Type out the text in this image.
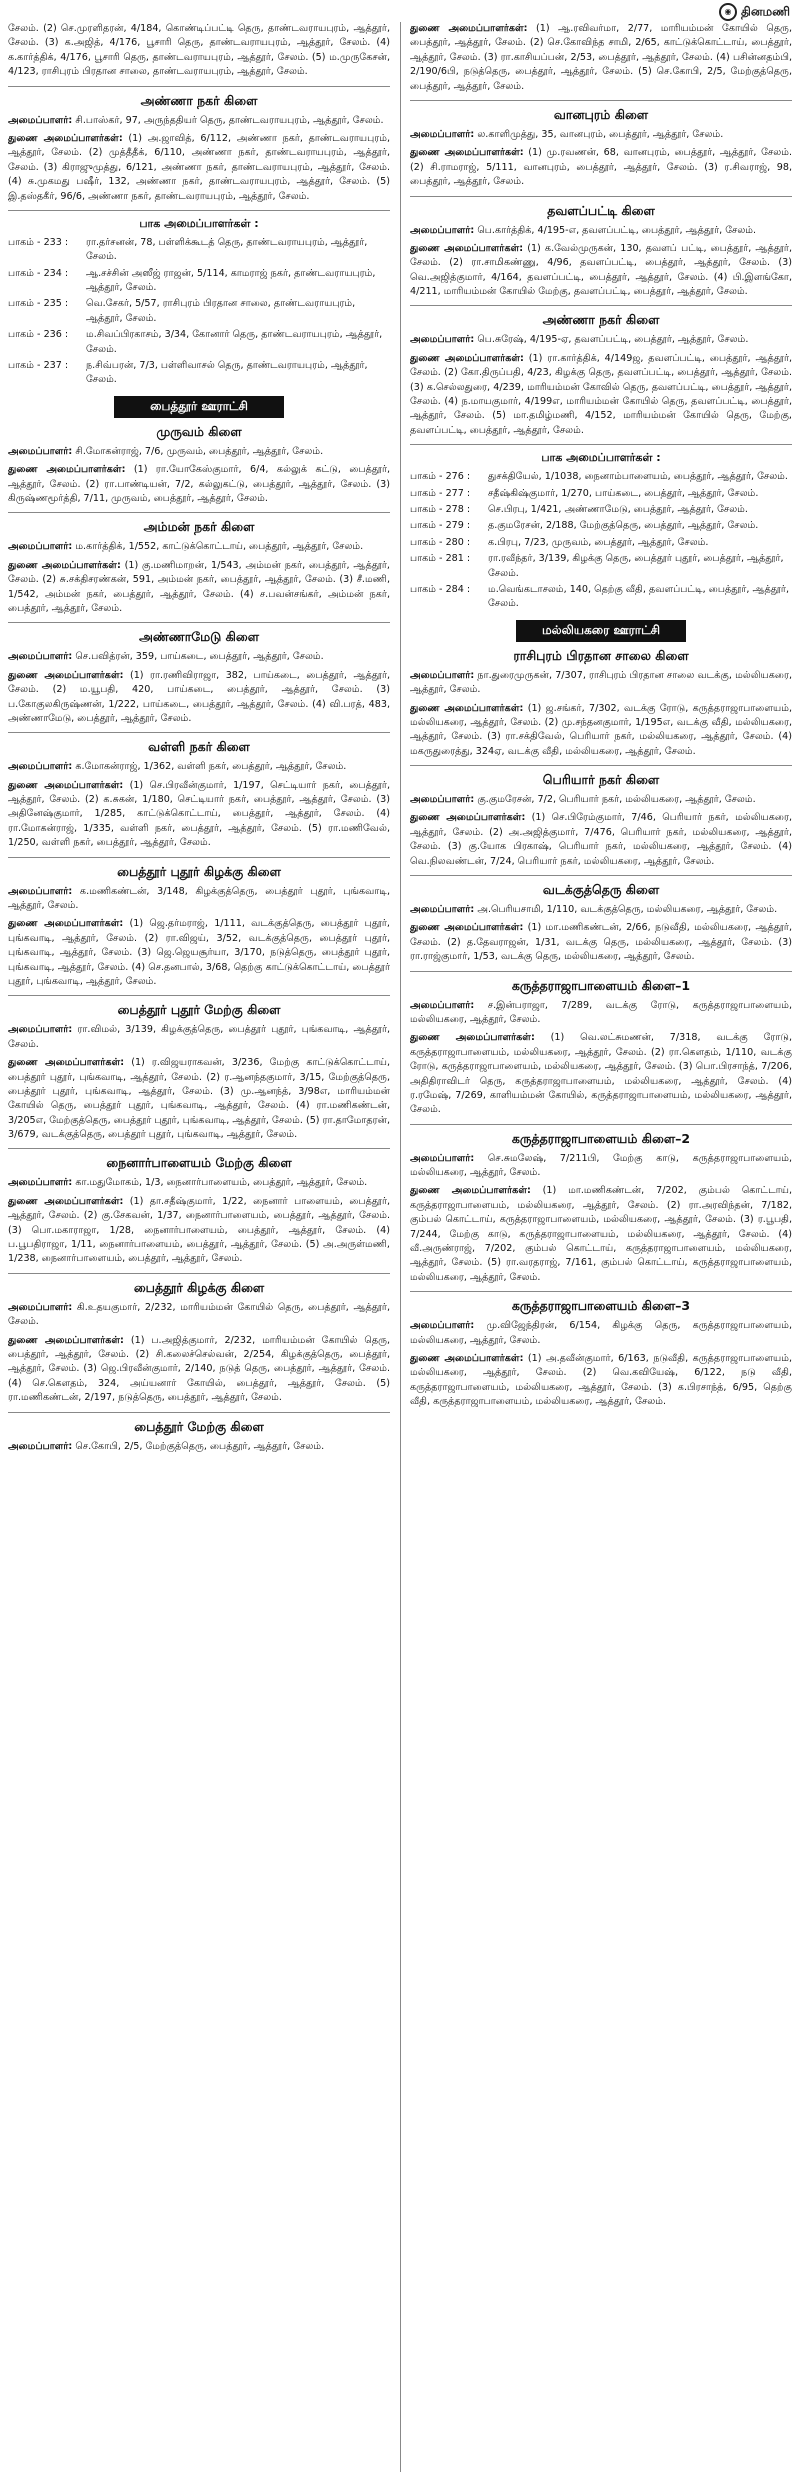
◉ தினமணி

சேலம். (2) செ.முரளிதரன், 4/184, கொண்டிப்பட்டி தெரு, தாண்டவராயபுரம், ஆத்தூர், சேலம். (3) க.அஜித், 4/176, பூசாரி தெரு, தாண்டவராயபுரம், ஆத்தூர், சேலம். (4) க.கார்த்திக், 4/176, பூசாரி தெரு, தாண்டவராயபுரம், ஆத்தூர், சேலம். (5) ம.முருகேசன், 4/123, ராசிபுரம் பிரதான சாலை, தாண்டவராயபுரம், ஆத்தூர், சேலம்.

அண்ணா நகர் கிளை

அமைப்பாளர்: சி.பாஸ்கர், 97, அருந்ததியர் தெரு, தாண்டவராயபுரம், ஆத்தூர், சேலம்.

துணை அமைப்பாளர்கள்: (1) அ.ஜாவித், 6/112, அண்ணா நகர், தாண்டவராயபுரம், ஆத்தூர், சேலம். (2) முத்தீதீக், 6/110, அண்ணா நகர், தாண்டவராயபுரம், ஆத்தூர், சேலம். (3) கிராஜுமுத்து, 6/121, அண்ணா நகர், தாண்டவராயபுரம், ஆத்தூர், சேலம். (4) சு.முகமது பஷீர், 132, அண்ணா நகர், தாண்டவராயபுரம், ஆத்தூர், சேலம். (5) இ.தஸ்தகீர், 96/6, அண்ணா நகர், தாண்டவராயபுரம், ஆத்தூர், சேலம்.

பாக அமைப்பாளர்கள் :
பாகம் - 233 :	ரா.தர்சனன், 78, பள்ளிக்கூடத் தெரு, தாண்டவராயபுரம், ஆத்தூர், சேலம்.
பாகம் - 234 :	ஆ.சச்சின் அஸீஜ் ராஜன், 5/114, காமராஜ் நகர், தாண்டவராயபுரம், ஆத்தூர், சேலம்.
பாகம் - 235 :	வெ.சேகர், 5/57, ராசிபுரம் பிரதான சாலை, தாண்டவராயபுரம், ஆத்தூர், சேலம்.
பாகம் - 236 :	ம.சிவப்பிரகாசம், 3/34, கோனார் தெரு, தாண்டவராயபுரம், ஆத்தூர், சேலம்.
பாகம் - 237 :	ந.சிவ்பரன், 7/3, பள்ளிவாசல் தெரு, தாண்டவராயபுரம், ஆத்தூர், சேலம்.
பைத்தூர் ஊராட்சி
முருவம் கிளை

அமைப்பாளர்: சி.மோகன்ராஜ், 7/6, முருவம், பைத்தூர், ஆத்தூர், சேலம்.

துணை அமைப்பாளர்கள்: (1) ரா.யோகேஸ்குமார், 6/4, கல்லுக் கட்டு, பைத்தூர், ஆத்தூர், சேலம். (2) ரா.பாண்டியன், 7/2, கல்லுகட்டு, பைத்தூர், ஆத்தூர், சேலம். (3) கிருஷ்ணமூர்த்தி, 7/11, முருவம், பைத்தூர், ஆத்தூர், சேலம்.

அம்மன் நகர் கிளை

அமைப்பாளர்: ம.கார்த்திக், 1/552, காட்டுக்கொட்டாய், பைத்தூர், ஆத்தூர், சேலம்.

துணை அமைப்பாளர்கள்: (1) கு.மணிமாறன், 1/543, அம்மன் நகர், பைத்தூர், ஆத்தூர், சேலம். (2) சு.சக்திசரண்கன், 591, அம்மன் நகர், பைத்தூர், ஆத்தூர், சேலம். (3) சீ.மணி, 1/542, அம்மன் நகர், பைத்தூர், ஆத்தூர், சேலம். (4) ச.பவன்சங்கர், அம்மன் நகர், பைத்தூர், ஆத்தூர், சேலம்.

அண்ணாமேடு கிளை

அமைப்பாளர்: செ.பவித்ரன், 359, பாய்கடை, பைத்தூர், ஆத்தூர், சேலம்.

துணை அமைப்பாளர்கள்: (1) ரா.ரணிவிராஜா, 382, பாய்கடை, பைத்தூர், ஆத்தூர், சேலம். (2) ம.யூபதி, 420, பாய்கடை, பைத்தூர், ஆத்தூர், சேலம். (3) ப.கோகுலகிருஷ்ணன், 1/222, பாய்கடை, பைத்தூர், ஆத்தூர், சேலம். (4) வி.பரத், 483, அண்ணாமேடு, பைத்தூர், ஆத்தூர், சேலம்.

வள்ளி நகர் கிளை

அமைப்பாளர்: க.மோகன்ராஜ், 1/362, வள்ளி நகர், பைத்தூர், ஆத்தூர், சேலம்.

துணை அமைப்பாளர்கள்: (1) செ.பிரவீன்குமார், 1/197, செட்டியார் நகர், பைத்தூர், ஆத்தூர், சேலம். (2) க.சுகன், 1/180, செட்டியார் நகர், பைத்தூர், ஆத்தூர், சேலம். (3) அதினேஷ்குமார், 1/285, காட்டுக்கொட்டாய், பைத்தூர், ஆத்தூர், சேலம். (4) ரா.மோகன்ராஜ், 1/335, வள்ளி நகர், பைத்தூர், ஆத்தூர், சேலம். (5) ரா.மணிவேல், 1/250, வள்ளி நகர், பைத்தூர், ஆத்தூர், சேலம்.

பைத்தூர் புதூர் கிழக்கு கிளை

அமைப்பாளர்: க.மணிகண்டன், 3/148, கிழக்குத்தெரு, பைத்தூர் புதூர், புங்கவாடி, ஆத்தூர், சேலம்.

துணை அமைப்பாளர்கள்: (1) ஜெ.தர்மராஜ், 1/111, வடக்குத்தெரு, பைத்தூர் புதூர், புங்கவாடி, ஆத்தூர், சேலம். (2) ரா.விஜய், 3/52, வடக்குத்தெரு, பைத்தூர் புதூர், புங்கவாடி, ஆத்தூர், சேலம். (3) ஜெ.ஜெயசூர்யா, 3/170, நடுத்தெரு, பைத்தூர் புதூர், புங்கவாடி, ஆத்தூர், சேலம். (4) செ.தனபால், 3/68, தெற்கு காட்டுக்கொட்டாய், பைத்தூர் புதூர், புங்கவாடி, ஆத்தூர், சேலம்.

பைத்தூர் புதூர் மேற்கு கிளை

அமைப்பாளர்: ரா.விமல், 3/139, கிழக்குத்தெரு, பைத்தூர் புதூர், புங்கவாடி, ஆத்தூர், சேலம்.

துணை அமைப்பாளர்கள்: (1) ர.விஜயராகவன், 3/236, மேற்கு காட்டுக்கொட்டாய், பைத்தூர் புதூர், புங்கவாடி, ஆத்தூர், சேலம். (2) ர.ஆனந்தகுமார், 3/15, மேற்குத்தெரு, பைத்தூர் புதூர், புங்கவாடி, ஆத்தூர், சேலம். (3) மு.ஆனந்த், 3/98எ, மாரியம்மன் கோயில் தெரு, பைத்தூர் புதூர், புங்கவாடி, ஆத்தூர், சேலம். (4) ரா.மணிகண்டன், 3/205எ, மேற்குத்தெரு, பைத்தூர் புதூர், புங்கவாடி, ஆத்தூர், சேலம். (5) ரா.தாமோதரன், 3/679, வடக்குத்தெரு, பைத்தூர் புதூர், புங்கவாடி, ஆத்தூர், சேலம்.

நைனார்பாளையம் மேற்கு கிளை

அமைப்பாளர்: கா.மதுமோகம், 1/3, நைனார்பாளையம், பைத்தூர், ஆத்தூர், சேலம்.

துணை அமைப்பாளர்கள்: (1) தா.சதீஷ்குமார், 1/22, நைனார் பாளையம், பைத்தூர், ஆத்தூர், சேலம். (2) கு.சேகவன், 1/37, நைனார்பாளையம், பைத்தூர், ஆத்தூர், சேலம். (3) பொ.மகாராஜா, 1/28, நைனார்பாளையம், பைத்தூர், ஆத்தூர், சேலம். (4) ப.பூபதிராஜா, 1/11, நைனார்பாளையம், பைத்தூர், ஆத்தூர், சேலம். (5) அ.அருள்மணி, 1/238, நைனார்பாளையம், பைத்தூர், ஆத்தூர், சேலம்.

பைத்தூர் கிழக்கு கிளை

அமைப்பாளர்: கி.உதயகுமார், 2/232, மாரியம்மன் கோயில் தெரு, பைத்தூர், ஆத்தூர், சேலம்.

துணை அமைப்பாளர்கள்: (1) ப.அஜித்குமார், 2/232, மாரியம்மன் கோயில் தெரு, பைத்தூர், ஆத்தூர், சேலம். (2) சி.கலைச்செல்வன், 2/254, கிழக்குத்தெரு, பைத்தூர், ஆத்தூர், சேலம். (3) ஜெ.பிரவீன்குமார், 2/140, நடுத் தெரு, பைத்தூர், ஆத்தூர், சேலம். (4) செ.கௌதம், 324, அய்யனார் கோயில், பைத்தூர், ஆத்தூர், சேலம். (5) ரா.மணிகண்டன், 2/197, நடுத்தெரு, பைத்தூர், ஆத்தூர், சேலம்.

பைத்தூர் மேற்கு கிளை

அமைப்பாளர்: செ.கோபி, 2/5, மேற்குத்தெரு, பைத்தூர், ஆத்தூர், சேலம்.

துணை அமைப்பாளர்கள்: (1) ஆ.ரவிவர்மா, 2/77, மாரியம்மன் கோயில் தெரு, பைத்தூர், ஆத்தூர், சேலம். (2) செ.கோவிந்த சாமி, 2/65, காட்டுக்கொட்டாய், பைத்தூர், ஆத்தூர், சேலம். (3) ரா.காசியப்பன், 2/53, பைத்தூர், ஆத்தூர், சேலம். (4) பசின்னதம்பி, 2/190/6பி, நடுத்தெரு, பைத்தூர், ஆத்தூர், சேலம். (5) செ.கோபி, 2/5, மேற்குத்தெரு, பைத்தூர், ஆத்தூர், சேலம்.

வானபுரம் கிளை

அமைப்பாளர்: ல.காளிமுத்து, 35, வானபுரம், பைத்தூர், ஆத்தூர், சேலம்.

துணை அமைப்பாளர்கள்: (1) மு.ரவணன், 68, வானபுரம், பைத்தூர், ஆத்தூர், சேலம். (2) சி.ராமராஜ், 5/111, வானபுரம், பைத்தூர், ஆத்தூர், சேலம். (3) ர.சிவராஜ், 98, பைத்தூர், ஆத்தூர், சேலம்.

தவளப்பட்டி கிளை

அமைப்பாளர்: பெ.கார்த்திக், 4/195-எ, தவளப்பட்டி, பைத்தூர், ஆத்தூர், சேலம்.

துணை அமைப்பாளர்கள்: (1) க.வேல்முருகன், 130, தவளப் பட்டி, பைத்தூர், ஆத்தூர், சேலம். (2) ரா.சாமிகண்ணு, 4/96, தவளப்பட்டி, பைத்தூர், ஆத்தூர், சேலம். (3) வெ.அஜித்குமார், 4/164, தவளப்பட்டி, பைத்தூர், ஆத்தூர், சேலம். (4) பி.இளங்கோ, 4/211, மாரியம்மன் கோயில் மேற்கு, தவளப்பட்டி, பைத்தூர், ஆத்தூர், சேலம்.

அண்ணா நகர் கிளை

அமைப்பாளர்: பெ.சுரேஷ், 4/195-ஏ, தவளப்பட்டி, பைத்தூர், ஆத்தூர், சேலம்.

துணை அமைப்பாளர்கள்: (1) ரா.கார்த்திக், 4/149ஜ, தவளப்பட்டி, பைத்தூர், ஆத்தூர், சேலம். (2) கோ.திருப்பதி, 4/23, கிழக்கு தெரு, தவளப்பட்டி, பைத்தூர், ஆத்தூர், சேலம். (3) க.செல்லதுரை, 4/239, மாரியம்மன் கோவில் தெரு, தவளப்பட்டி, பைத்தூர், ஆத்தூர், சேலம். (4) ந.மாயகுமார், 4/199எ, மாரியம்மன் கோயில் தெரு, தவளப்பட்டி, பைத்தூர், ஆத்தூர், சேலம். (5) மா.தமிழ்மணி, 4/152, மாரியம்மன் கோயில் தெரு, மேற்கு, தவளப்பட்டி, பைத்தூர், ஆத்தூர், சேலம்.

பாக அமைப்பாளர்கள் :
பாகம் - 276 :	துசக்தியேல், 1/1038, நைனாம்பாளையம், பைத்தூர், ஆத்தூர், சேலம்.
பாகம் - 277 :	சதீஷ்கிஷ்குமார், 1/270, பாய்கடை, பைத்தூர், ஆத்தூர், சேலம்.
பாகம் - 278 :	செ.பிரபு, 1/421, அண்ணாமேடு, பைத்தூர், ஆத்தூர், சேலம்.
பாகம் - 279 :	த.குமரேசன், 2/188, மேற்குத்தெரு, பைத்தூர், ஆத்தூர், சேலம்.
பாகம் - 280 :	க.பிரபு, 7/23, முருவம், பைத்தூர், ஆத்தூர், சேலம்.
பாகம் - 281 :	ரா.ரவீந்தர், 3/139, கிழக்கு தெரு, பைத்தூர் புதூர், பைத்தூர், ஆத்தூர், சேலம்.
பாகம் - 284 :	ம.வெங்கடாசலம், 140, தெற்கு வீதி, தவளப்பட்டி, பைத்தூர், ஆத்தூர், சேலம்.
மல்லியகரை ஊராட்சி
ராசிபுரம் பிரதான சாலை கிளை

அமைப்பாளர்: நா.துரைமுருகன், 7/307, ராசிபுரம் பிரதான சாலை வடக்கு, மல்லியகரை, ஆத்தூர், சேலம்.

துணை அமைப்பாளர்கள்: (1) ஜ.சங்கர், 7/302, வடக்கு ரோடு, கருத்தராஜாபாளையம், மல்லியகரை, ஆத்தூர், சேலம். (2) மு.சந்தனகுமார், 1/195எ, வடக்கு வீதி, மல்லியகரை, ஆத்தூர், சேலம். (3) ரா.சக்திவேல், பெரியார் நகர், மல்லியகரை, ஆத்தூர், சேலம். (4) மகருதுரைத்து, 324ஏ, வடக்கு வீதி, மல்லியகரை, ஆத்தூர், சேலம்.

பெரியார் நகர் கிளை

அமைப்பாளர்: கு.குமரேசன், 7/2, பெரியார் நகர், மல்லியகரை, ஆத்தூர், சேலம்.

துணை அமைப்பாளர்கள்: (1) செ.பிரேம்குமார், 7/46, பெரியார் நகர், மல்லியகரை, ஆத்தூர், சேலம். (2) அ.அஜித்குமார், 7/476, பெரியார் நகர், மல்லியகரை, ஆத்தூர், சேலம். (3) கு.யோக பிரகாஷ், பெரியார் நகர், மல்லியகரை, ஆத்தூர், சேலம். (4) வெ.நிலவண்டன், 7/24, பெரியார் நகர், மல்லியகரை, ஆத்தூர், சேலம்.

வடக்குத்தெரு கிளை

அமைப்பாளர்: அ.பெரியசாமி, 1/110, வடக்குத்தெரு, மல்லியகரை, ஆத்தூர், சேலம்.

துணை அமைப்பாளர்கள்: (1) மா.மணிகண்டன், 2/66, நடுவீதி, மல்லியகரை, ஆத்தூர், சேலம். (2) த.தேவராஜன், 1/31, வடக்கு தெரு, மல்லியகரை, ஆத்தூர், சேலம். (3) ரா.ராஜ்குமார், 1/53, வடக்கு தெரு, மல்லியகரை, ஆத்தூர், சேலம்.

கருத்தராஜாபாளையம் கிளை–1

அமைப்பாளர்: ச.இன்பராஜா, 7/289, வடக்கு ரோடு, கருத்தராஜாபாளையம், மல்லியகரை, ஆத்தூர், சேலம்.

துணை அமைப்பாளர்கள்: (1) வெ.லட்சுமணன், 7/318, வடக்கு ரோடு, கருத்தராஜாபாளையம், மல்லியகரை, ஆத்தூர், சேலம். (2) ரா.கௌதம், 1/110, வடக்கு ரோடு, கருத்தராஜாபாளையம், மல்லியகரை, ஆத்தூர், சேலம். (3) பொ.பிரசாந்த், 7/206, அதிதிராவிடர் தெரு, கருத்தராஜாபாளையம், மல்லியகரை, ஆத்தூர், சேலம். (4) ர.ரமேஷ், 7/269, காளியம்மன் கோயில், கருத்தராஜாபாளையம், மல்லியகரை, ஆத்தூர், சேலம்.

கருத்தராஜாபாளையம் கிளை–2

அமைப்பாளர்: செ.சுமலேஷ், 7/211பி, மேற்கு காடு, கருத்தராஜாபாளையம், மல்லியகரை, ஆத்தூர், சேலம்.

துணை அமைப்பாளர்கள்: (1) மா.மணிகண்டன், 7/202, கும்பல் கொட்டாய், கருத்தராஜாபாளையம், மல்லியகரை, ஆத்தூர், சேலம். (2) ரா.அரவிந்தன், 7/182, கும்பல் கொட்டாய், கருத்தராஜாபாளையம், மல்லியகரை, ஆத்தூர், சேலம். (3) ர.பூபதி, 7/244, மேற்கு காடு, கருத்தராஜாபாளையம், மல்லியகரை, ஆத்தூர், சேலம். (4) வீ.அருண்ராஜ், 7/202, கும்பல் கொட்டாய், கருத்தராஜாபாளையம், மல்லியகரை, ஆத்தூர், சேலம். (5) ரா.வரதராஜ், 7/161, கும்பல் கொட்டாய், கருத்தராஜாபாளையம், மல்லியகரை, ஆத்தூர், சேலம்.

கருத்தராஜாபாளையம் கிளை–3

அமைப்பாளர்: மு.விஜேந்திரன், 6/154, கிழக்கு தெரு, கருத்தராஜாபாளையம், மல்லியகரை, ஆத்தூர், சேலம்.

துணை அமைப்பாளர்கள்: (1) அ.தவீன்குமார், 6/163, நடுவீதி, கருத்தராஜாபாளையம், மல்லியகரை, ஆத்தூர், சேலம். (2) வெ.கவியேஷ், 6/122, நடு வீதி, கருத்தராஜாபாளையம், மல்லியகரை, ஆத்தூர், சேலம். (3) க.பிரசாந்த், 6/95, தெற்கு வீதி, கருத்தராஜாபாளையம், மல்லியகரை, ஆத்தூர், சேலம்.
